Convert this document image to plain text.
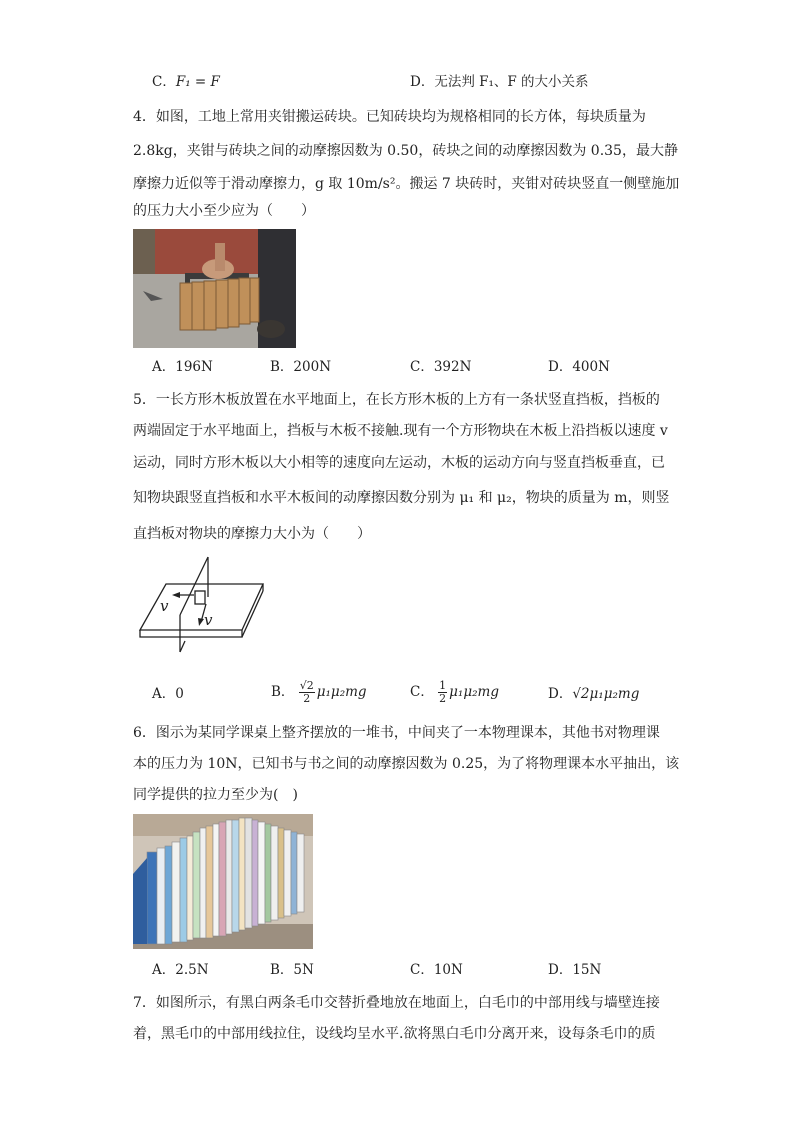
C．F₁ = F	D．无法判 F₁、F 的大小关系
4．如图，工地上常用夹钳搬运砖块。已知砖块均为规格相同的长方体，每块质量为
2.8kg，夹钳与砖块之间的动摩擦因数为 0.50，砖块之间的动摩擦因数为 0.35，最大静
摩擦力近似等于滑动摩擦力，g 取 10m/s²。搬运 7 块砖时，夹钳对砖块竖直一侧壁施加
的压力大小至少应为（　　）
A．196N	B．200N	C．392N	D．400N
5．一长方形木板放置在水平地面上，在长方形木板的上方有一条状竖直挡板，挡板的
两端固定于水平地面上，挡板与木板不接触.现有一个方形物块在木板上沿挡板以速度 v
运动，同时方形木板以大小相等的速度向左运动，木板的运动方向与竖直挡板垂直，已
知物块跟竖直挡板和水平木板间的动摩擦因数分别为 μ₁ 和 μ₂，物块的质量为 m，则竖
直挡板对物块的摩擦力大小为（　　）
v
v
A．0	B． $\frac{√2}{2} \mu_1\mu_2mg$	C． $\frac{1}{2} \mu_1\mu_2mg$	D．√2μ₁μ₂mg
6．图示为某同学课桌上整齐摆放的一堆书，中间夹了一本物理课本，其他书对物理课
本的压力为 10N，已知书与书之间的动摩擦因数为 0.25，为了将物理课本水平抽出，该
同学提供的拉力至少为(　)
A．2.5N	B．5N	C．10N	D．15N
7．如图所示，有黑白两条毛巾交替折叠地放在地面上，白毛巾的中部用线与墙壁连接
着，黑毛巾的中部用线拉住，设线均呈水平.欲将黑白毛巾分离开来，设每条毛巾的质
